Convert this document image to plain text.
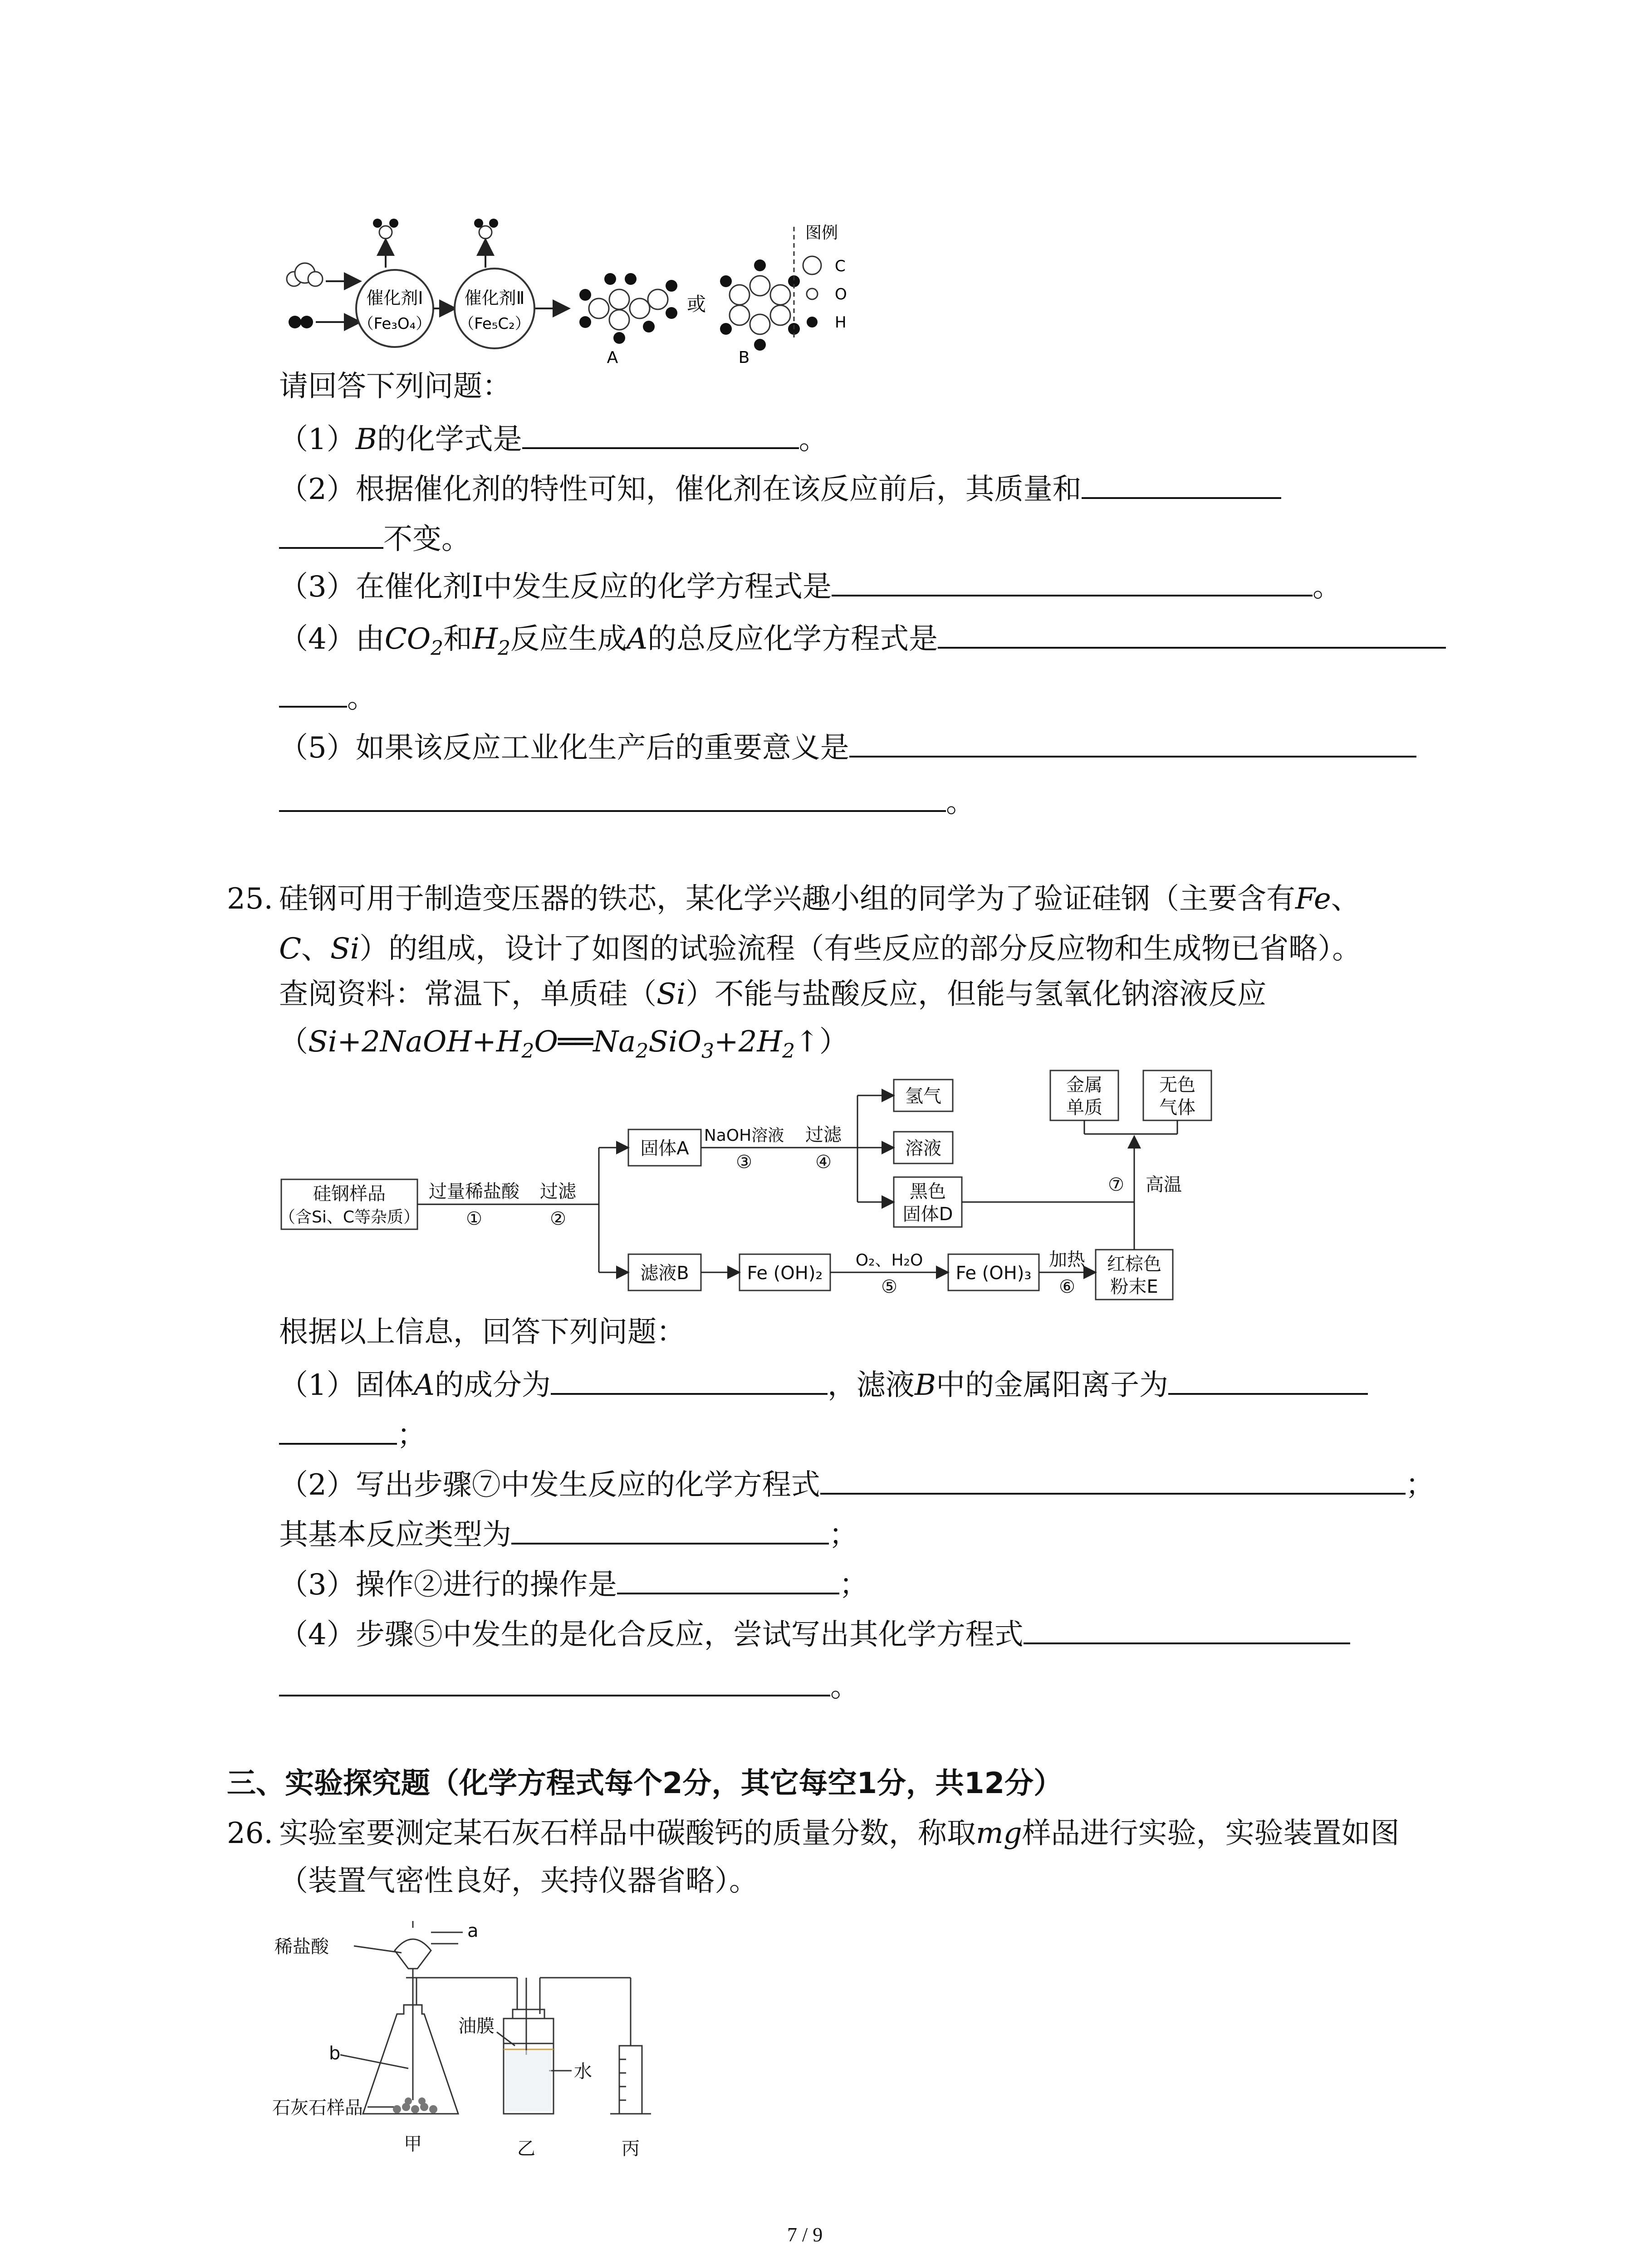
催化剂Ⅰ
（Fe₃O₄）
催化剂Ⅱ
（Fe₅C₂）
A
或
B
图例
C
O
H
请回答下列问题：
（1）B的化学式是	。
（2）根据催化剂的特性可知，催化剂在该反应前后，其质量和
不变。
（3）在催化剂Ⅰ中发生反应的化学方程式是	。
（4）由$CO_2$和$H_2$反应生成A的总反应化学方程式是
。
（5）如果该反应工业化生产后的重要意义是
。
25. 硅钢可用于制造变压器的铁芯，某化学兴趣小组的同学为了验证硅钢（主要含有Fe、
C、Si）的组成，设计了如图的试验流程（有些反应的部分反应物和生成物已省略）。
查阅资料：常温下，单质硅（Si）不能与盐酸反应，但能与氢氧化钠溶液反应
$(Si+2NaOH+H_2O══Na_2SiO_3+2H_2↑)$
硅钢样品
（含Si、C等杂质）
过量稀盐酸
①
过滤
②
固体A
NaOH溶液
③
过滤
④
氢气
溶液
黑色
固体D
滤液B	Fe (OH)₂
O₂、H₂O
⑤
Fe (OH)₃
加热
⑥
红棕色
粉末E
金属
单质
无色
气体
⑦ 高温
根据以上信息，回答下列问题：
（1）固体A的成分为	，滤液B中的金属阳离子为
；
（2）写出步骤⑦中发生反应的化学方程式	；
其基本反应类型为	；
（3）操作②进行的操作是	；
（4）步骤⑤中发生的是化合反应，尝试写出其化学方程式
。
三、实验探究题（化学方程式每个2分，其它每空1分，共12分）
26. 实验室要测定某石灰石样品中碳酸钙的质量分数，称取mg样品进行实验，实验装置如图
（装置气密性良好，夹持仪器省略）。
稀盐酸
a
b
油膜
水
石灰石样品
甲	乙	丙
7 / 9
